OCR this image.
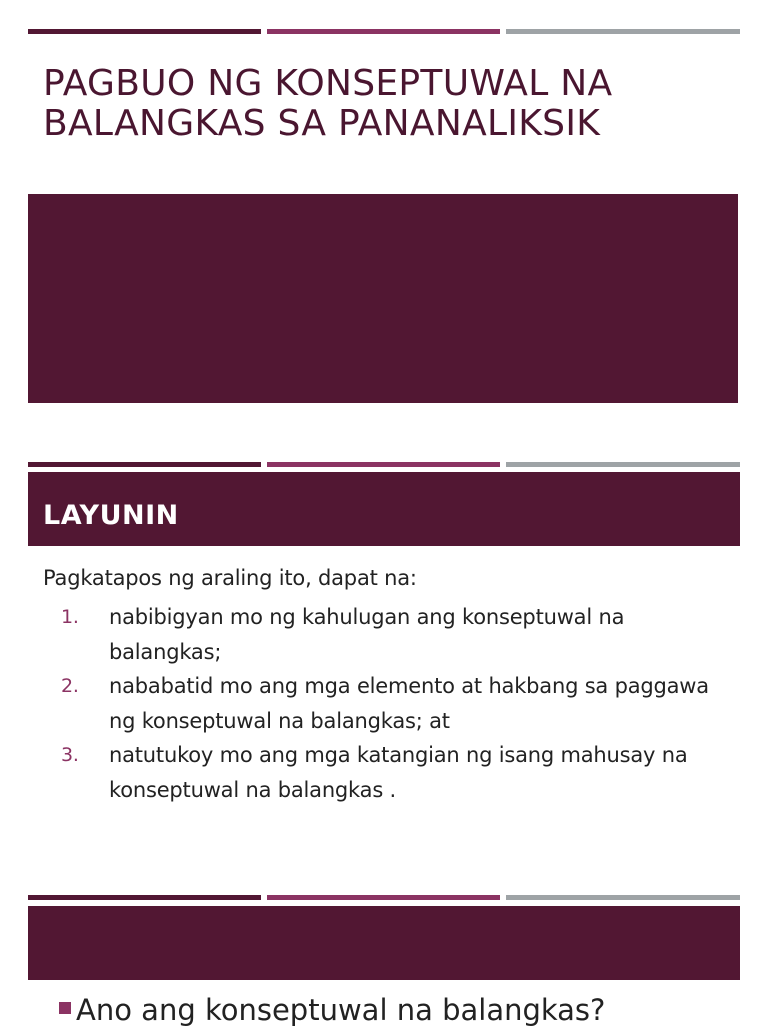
PAGBUO NG KONSEPTUWAL NA BALANGKAS SA PANANALIKSIK
LAYUNIN
Pagkatapos ng araling ito, dapat na:
1. nabibigyan mo ng kahulugan ang konseptuwal na balangkas;
2. nababatid mo ang mga elemento at hakbang sa paggawa ng konseptuwal na balangkas; at
3. natutukoy mo ang mga katangian ng isang mahusay na konseptuwal na balangkas .
Ano ang konseptuwal na balangkas?
